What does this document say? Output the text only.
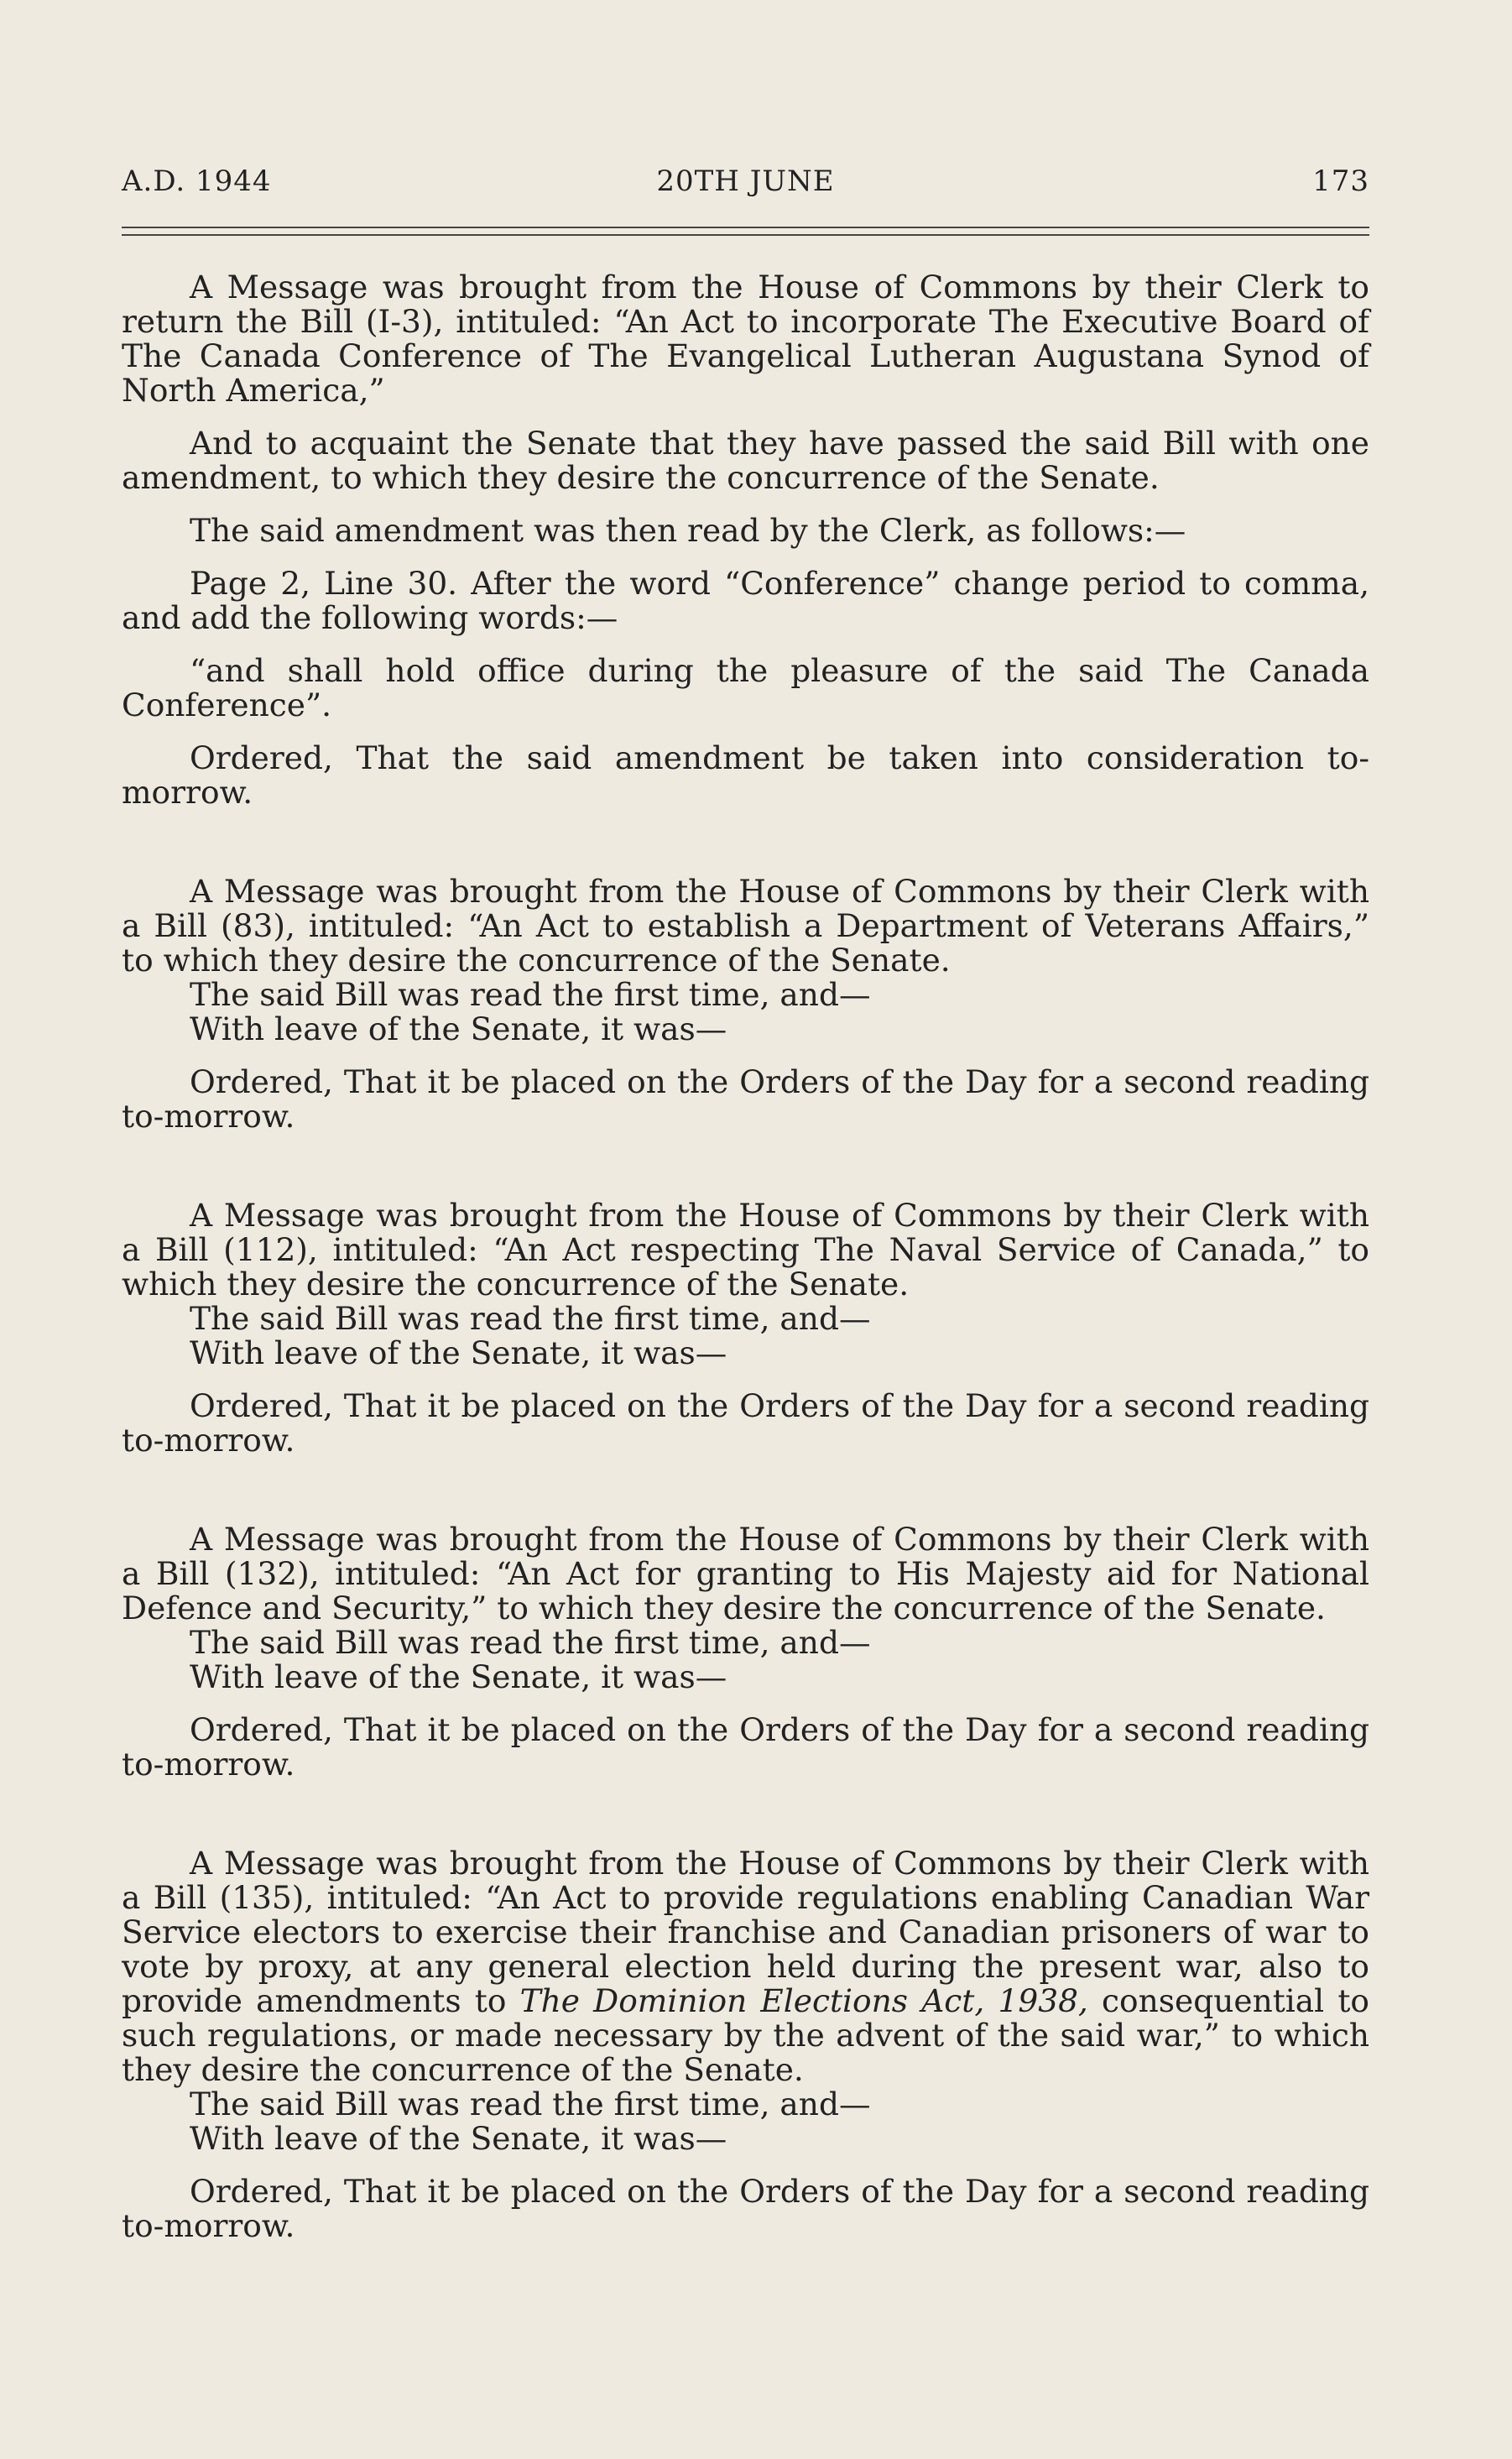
A.D. 1944	20TH JUNE	173

A Message was brought from the House of Commons by their Clerk to return the Bill (I-3), intituled: “An Act to incorporate The Executive Board of The Canada Conference of The Evangelical Lutheran Augustana Synod of North America,”

And to acquaint the Senate that they have passed the said Bill with one amendment, to which they desire the concurrence of the Senate.

The said amendment was then read by the Clerk, as follows:—

Page 2, Line 30. After the word “Conference” change period to comma, and add the following words:—

“and shall hold office during the pleasure of the said The Canada Conference”.

Ordered, That the said amendment be taken into consideration to-morrow.

A Message was brought from the House of Commons by their Clerk with a Bill (83), intituled: “An Act to establish a Department of Veterans Affairs,” to which they desire the concurrence of the Senate.

The said Bill was read the first time, and—

With leave of the Senate, it was—

Ordered, That it be placed on the Orders of the Day for a second reading to-morrow.

A Message was brought from the House of Commons by their Clerk with a Bill (112), intituled: “An Act respecting The Naval Service of Canada,” to which they desire the concurrence of the Senate.

The said Bill was read the first time, and—

With leave of the Senate, it was—

Ordered, That it be placed on the Orders of the Day for a second reading to-morrow.

A Message was brought from the House of Commons by their Clerk with a Bill (132), intituled: “An Act for granting to His Majesty aid for National Defence and Security,” to which they desire the concurrence of the Senate.

The said Bill was read the first time, and—

With leave of the Senate, it was—

Ordered, That it be placed on the Orders of the Day for a second reading to-morrow.

A Message was brought from the House of Commons by their Clerk with a Bill (135), intituled: “An Act to provide regulations enabling Canadian War Service electors to exercise their franchise and Canadian prisoners of war to vote by proxy, at any general election held during the present war, also to provide amendments to The Dominion Elections Act, 1938, consequential to such regulations, or made necessary by the advent of the said war,” to which they desire the concurrence of the Senate.

The said Bill was read the first time, and—

With leave of the Senate, it was—

Ordered, That it be placed on the Orders of the Day for a second reading to-morrow.
